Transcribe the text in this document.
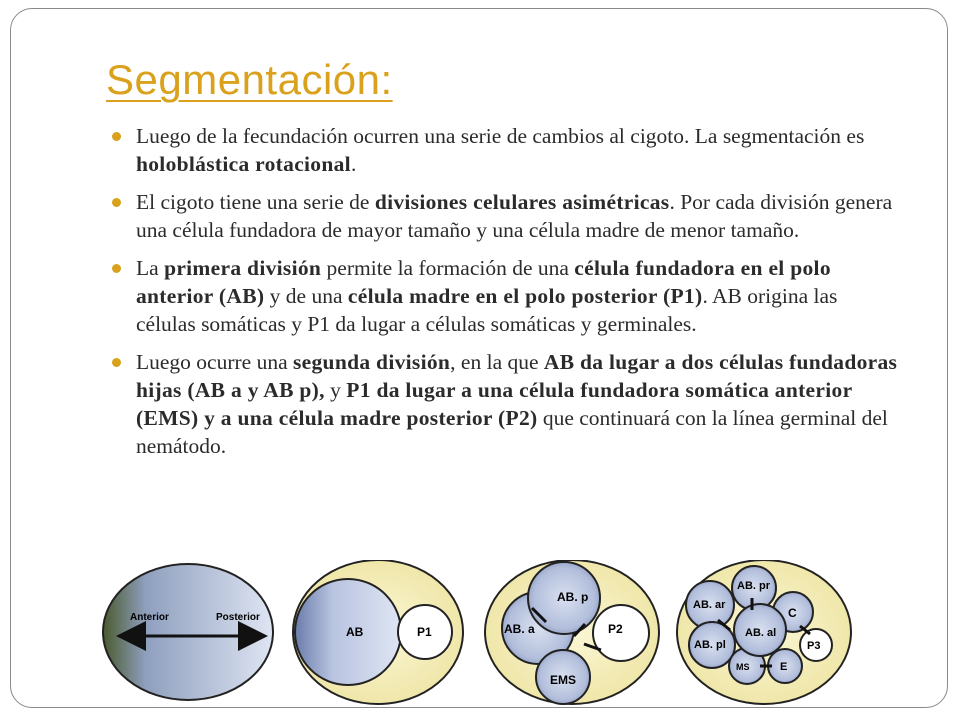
Segmentación:
Luego de la fecundación ocurren una serie de cambios al cigoto. La segmentación es holoblástica rotacional.
El cigoto tiene una serie de divisiones celulares asimétricas. Por cada división genera una célula fundadora de mayor tamaño y una célula madre de menor tamaño.
La primera división permite la formación de una célula fundadora en el polo anterior (AB) y de una célula madre en el polo posterior (P1). AB origina las células somáticas y P1 da lugar a células somáticas y germinales.
Luego ocurre una segunda división, en la que AB da lugar a dos células fundadoras hijas (AB a y AB p), y P1 da lugar a una célula fundadora somática anterior (EMS) y a una célula madre posterior (P2) que continuará con la línea germinal del nemátodo.
Anterior	Posterior
AB	P1
AB. p
AB. a	P2
EMS
AB. pr
AB. ar
C
AB. pl
AB. al
P3
MS	E
